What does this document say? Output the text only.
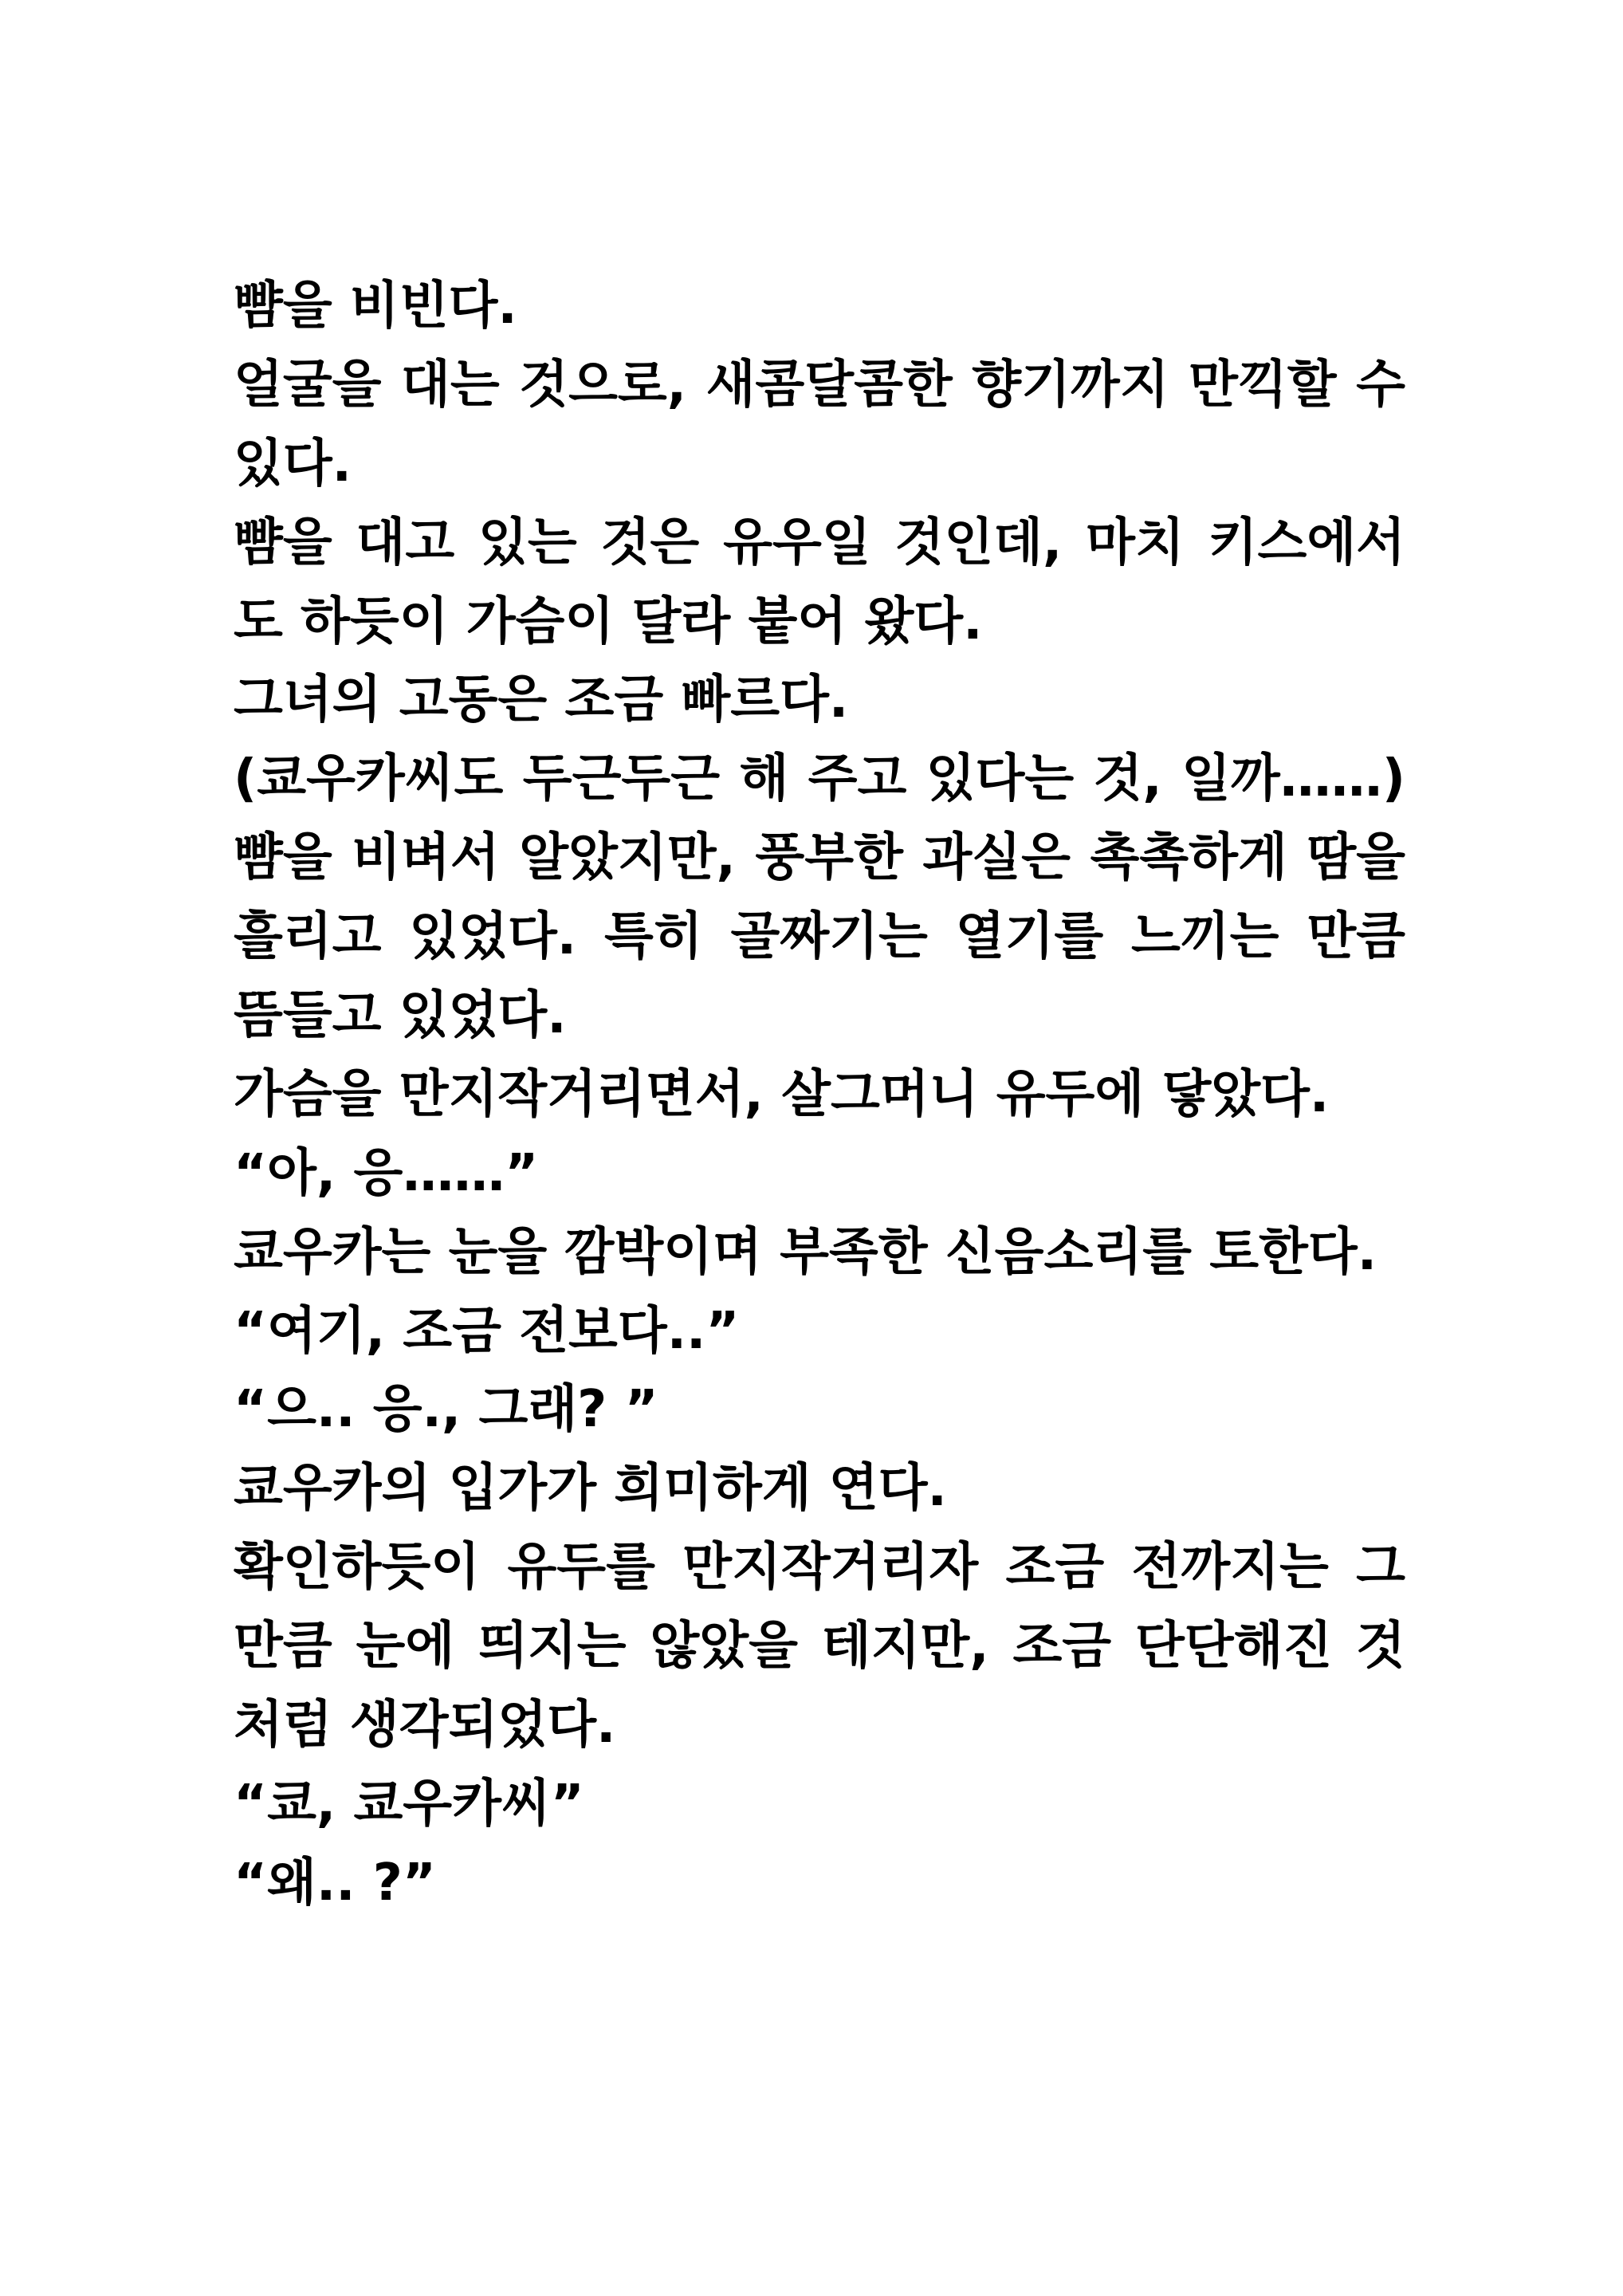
뺨을 비빈다.
얼굴을 대는 것으로, 새콤달콤한 향기까지 만끽할 수
있다.
뺨을 대고 있는 것은 유우일 것인데, 마치 키스에서
도 하듯이 가슴이 달라 붙어 왔다.
그녀의 고동은 조금 빠르다.
(쿄우카씨도 두근두근 해 주고 있다는 것, 일까……)
뺨을 비벼서 알았지만, 풍부한 과실은 촉촉하게 땀을
흘리고 있었다. 특히 골짜기는 열기를 느끼는 만큼
뜸들고 있었다.
가슴을 만지작거리면서, 살그머니 유두에 닿았다.
“아, 응……”
쿄우카는 눈을 깜박이며 부족한 신음소리를 토한다.
“여기, 조금 전보다..”
“으.. 응., 그래? ”
쿄우카의 입가가 희미하게 연다.
확인하듯이 유두를 만지작거리자 조금 전까지는 그
만큼 눈에 띄지는 않았을 테지만, 조금 단단해진 것
처럼 생각되었다.
“쿄, 쿄우카씨”
“왜.. ?”
